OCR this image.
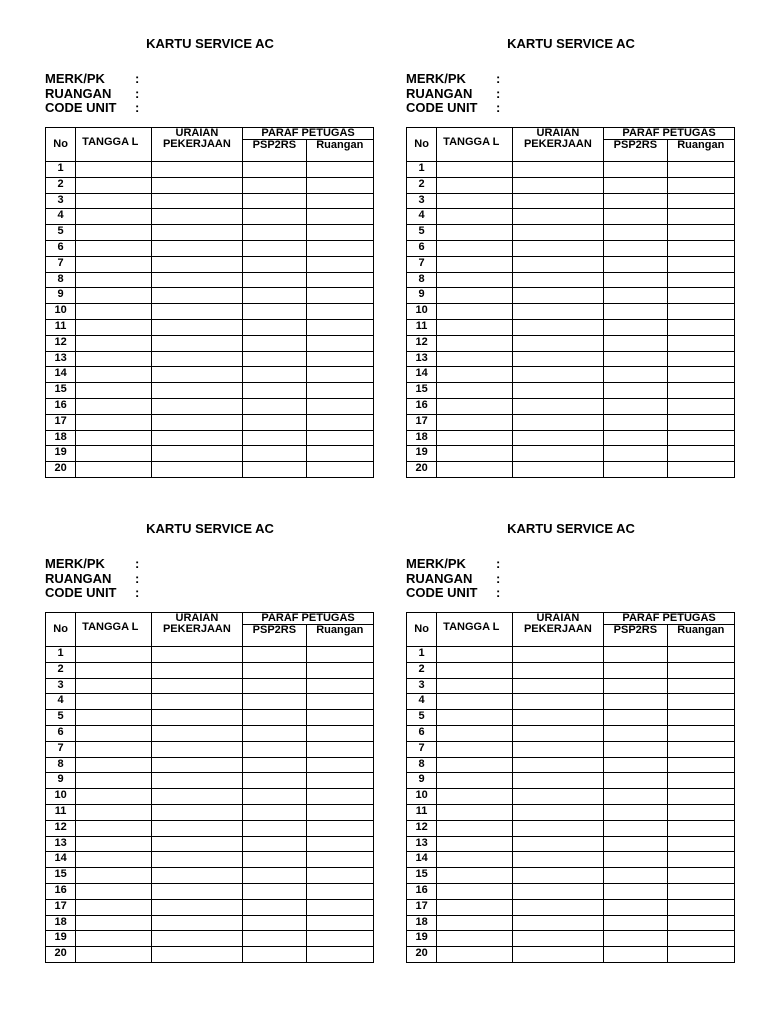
KARTU SERVICE AC
MERK/PK :
RUANGAN :
CODE UNIT :
No	TANGGA L	URAIAN PEKERJAAN	PARAF PETUGAS	
			PSP2RS	Ruangan
1				
2				
3				
4				
5				
6				
7				
8				
9				
10				
11				
12				
13				
14				
15				
16				
17				
18				
19				
20				
KARTU SERVICE AC
MERK/PK :
RUANGAN :
CODE UNIT :
No	TANGGA L	URAIAN PEKERJAAN	PARAF PETUGAS	
			PSP2RS	Ruangan
1				
2				
3				
4				
5				
6				
7				
8				
9				
10				
11				
12				
13				
14				
15				
16				
17				
18				
19				
20				
KARTU SERVICE AC
MERK/PK :
RUANGAN :
CODE UNIT :
No	TANGGA L	URAIAN PEKERJAAN	PARAF PETUGAS	
			PSP2RS	Ruangan
1				
2				
3				
4				
5				
6				
7				
8				
9				
10				
11				
12				
13				
14				
15				
16				
17				
18				
19				
20				
KARTU SERVICE AC
MERK/PK :
RUANGAN :
CODE UNIT :
No	TANGGA L	URAIAN PEKERJAAN	PARAF PETUGAS	
			PSP2RS	Ruangan
1				
2				
3				
4				
5				
6				
7				
8				
9				
10				
11				
12				
13				
14				
15				
16				
17				
18				
19				
20				
